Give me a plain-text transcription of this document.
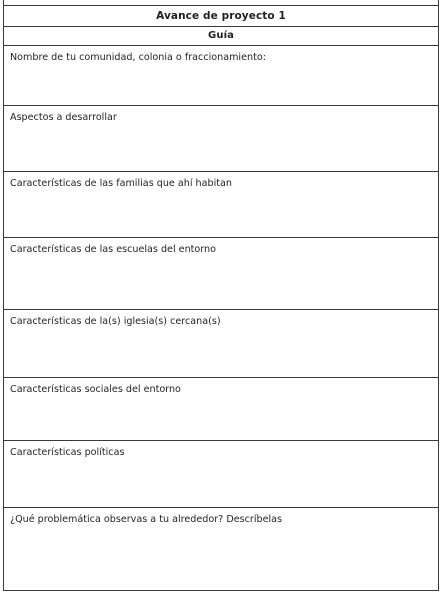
Avance de proyecto 1
Guía
Nombre de tu comunidad, colonia o fraccionamiento:
Aspectos a desarrollar
Características de las familias que ahí habitan
Características de las escuelas del entorno
Características de la(s) iglesia(s) cercana(s)
Características sociales del entorno
Características políticas
¿Qué problemática observas a tu alrededor? Descríbelas
